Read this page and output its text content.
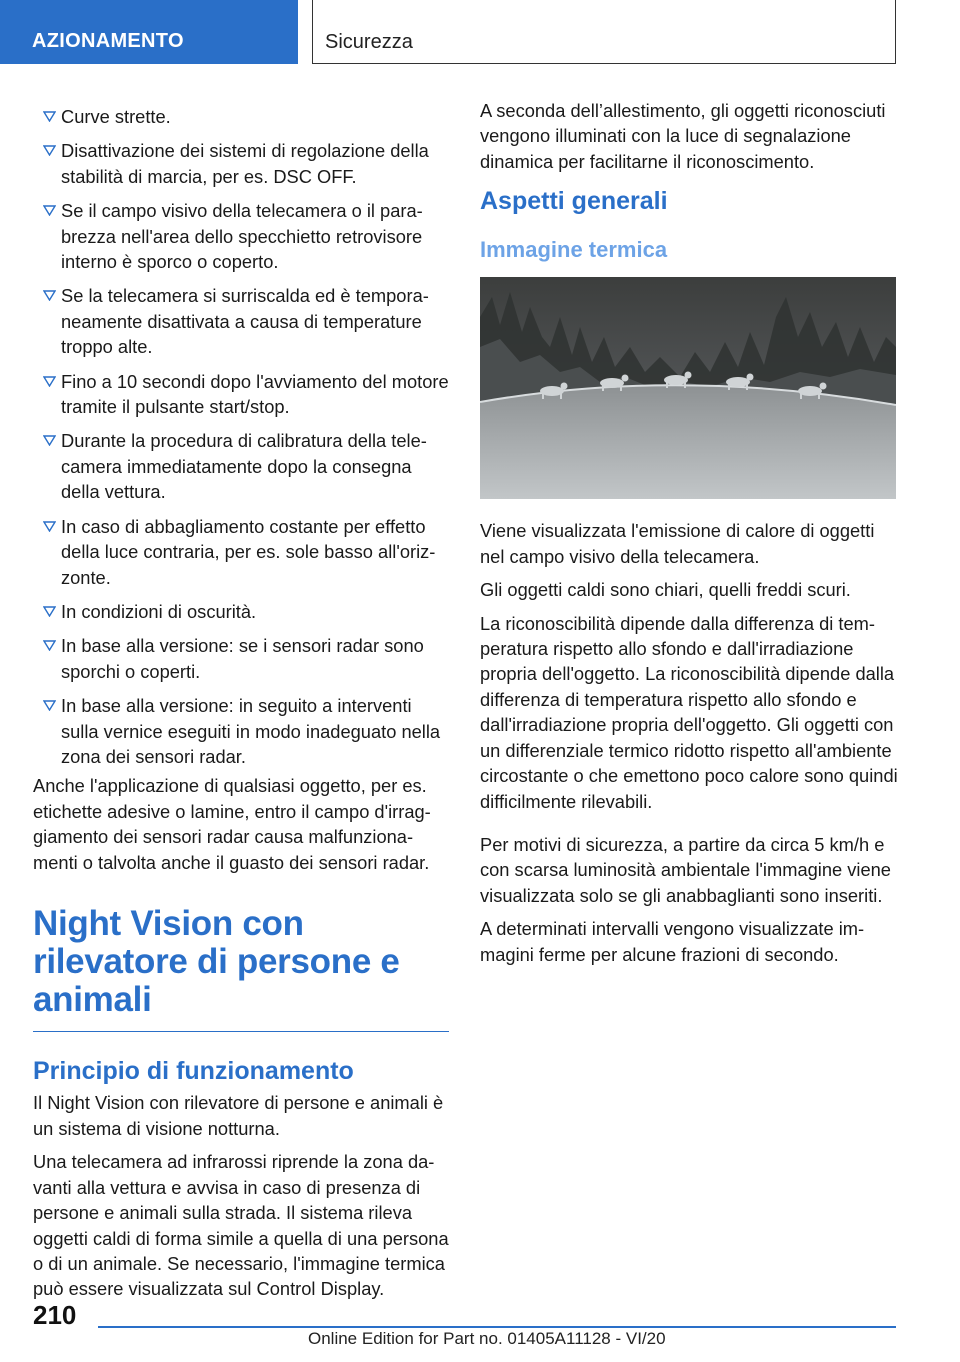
AZIONAMENTO	Sicurezza
Curve strette.
Disattivazione dei sistemi di regolazione della stabilità di marcia, per es. DSC OFF.
Se il campo visivo della telecamera o il parabrezza nell'area dello specchietto retrovisore interno è sporco o coperto.
Se la telecamera si surriscalda ed è temporaneamente disattivata a causa di temperature troppo alte.
Fino a 10 secondi dopo l'avviamento del motore tramite il pulsante start/stop.
Durante la procedura di calibratura della telecamera immediatamente dopo la consegna della vettura.
In caso di abbagliamento costante per effetto della luce contraria, per es. sole basso all'orizzonte.
In condizioni di oscurità.
In base alla versione: se i sensori radar sono sporchi o coperti.
In base alla versione: in seguito a interventi sulla vernice eseguiti in modo inadeguato nella zona dei sensori radar.

Anche l'applicazione di qualsiasi oggetto, per es. etichette adesive o lamine, entro il campo d'irraggiamento dei sensori radar causa malfunzionamenti o talvolta anche il guasto dei sensori radar.

Night Vision con rilevatore di persone e animali
Principio di funzionamento

Il Night Vision con rilevatore di persone e animali è un sistema di visione notturna.

Una telecamera ad infrarossi riprende la zona davanti alla vettura e avvisa in caso di presenza di persone e animali sulla strada. Il sistema rileva oggetti caldi di forma simile a quella di una persona o di un animale. Se necessario, l'immagine termica può essere visualizzata sul Control Display.

A seconda dell’allestimento, gli oggetti riconosciuti vengono illuminati con la luce di segnalazione dinamica per facilitarne il riconoscimento.

Aspetti generali
Immagine termica

Viene visualizzata l'emissione di calore di oggetti nel campo visivo della telecamera.

Gli oggetti caldi sono chiari, quelli freddi scuri.

La riconoscibilità dipende dalla differenza di temperatura rispetto allo sfondo e dall'irradiazione propria dell'oggetto. La riconoscibilità dipende dalla differenza di temperatura rispetto allo sfondo e dall'irradiazione propria dell'oggetto. Gli oggetti con un differenziale termico ridotto rispetto all'ambiente circostante o che emettono poco calore sono quindi difficilmente rilevabili.

Per motivi di sicurezza, a partire da circa 5 km/h e con scarsa luminosità ambientale l'immagine viene visualizzata solo se gli anabbaglianti sono inseriti.

A determinati intervalli vengono visualizzate immagini ferme per alcune frazioni di secondo.

210
Online Edition for Part no. 01405A11128 - VI/20
